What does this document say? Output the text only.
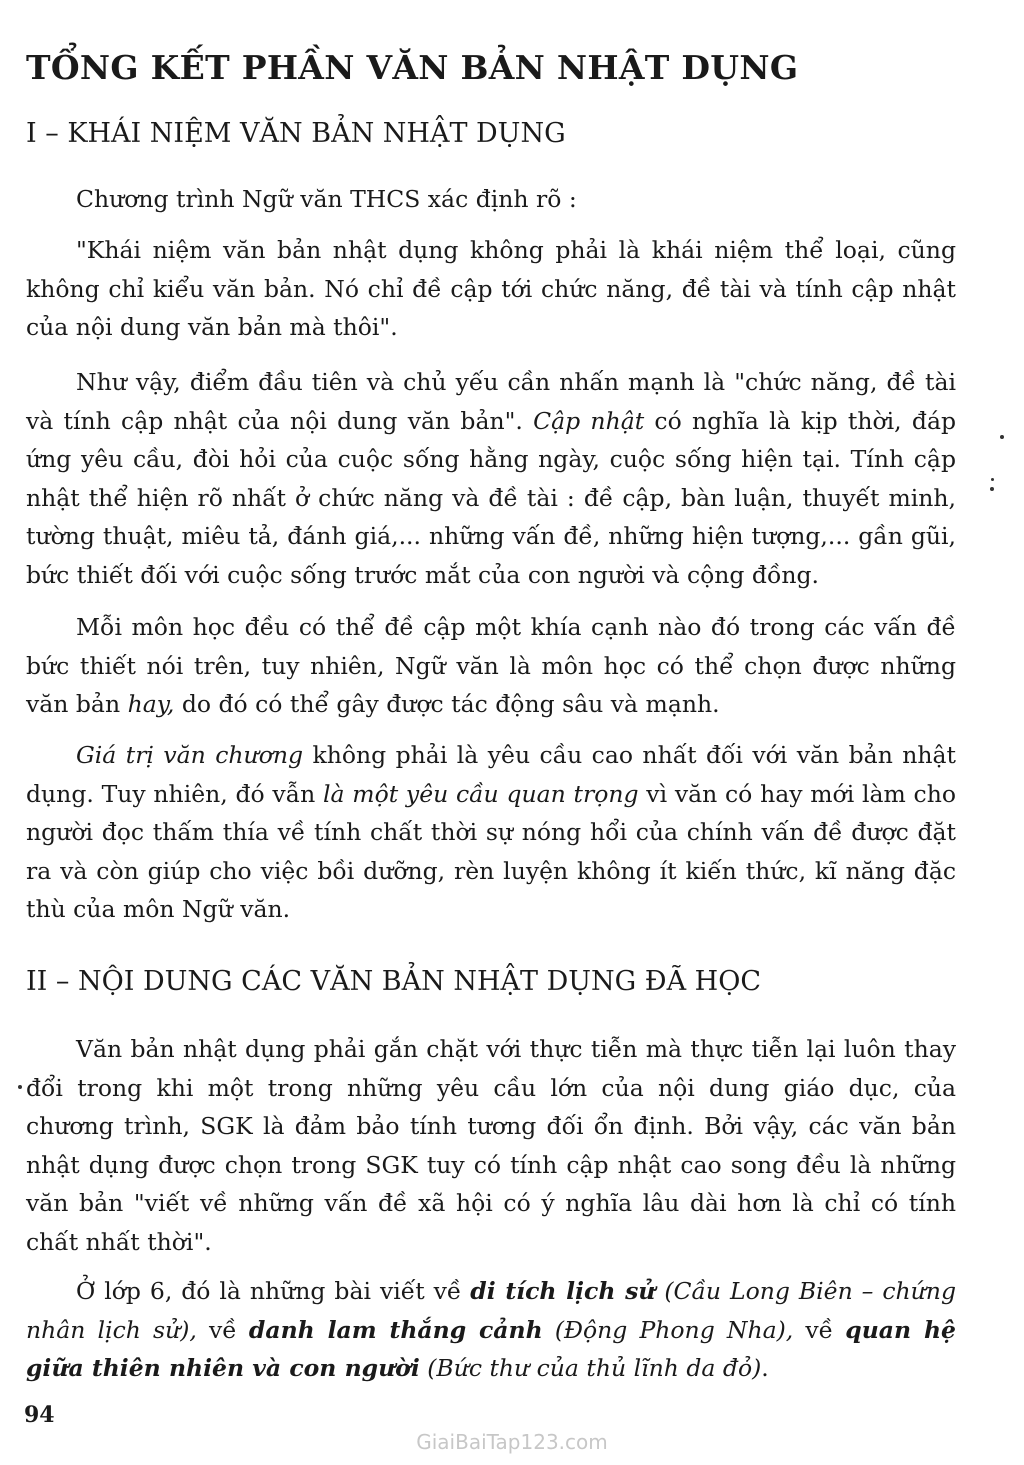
TỔNG KẾT PHẦN VĂN BẢN NHẬT DỤNG
I – KHÁI NIỆM VĂN BẢN NHẬT DỤNG

Chương trình Ngữ văn THCS xác định rõ :

"Khái niệm văn bản nhật dụng không phải là khái niệm thể loại, cũng không chỉ kiểu văn bản. Nó chỉ đề cập tới chức năng, đề tài và tính cập nhật của nội dung văn bản mà thôi".

Như vậy, điểm đầu tiên và chủ yếu cần nhấn mạnh là "chức năng, đề tài và tính cập nhật của nội dung văn bản". Cập nhật có nghĩa là kịp thời, đáp ứng yêu cầu, đòi hỏi của cuộc sống hằng ngày, cuộc sống hiện tại. Tính cập nhật thể hiện rõ nhất ở chức năng và đề tài : đề cập, bàn luận, thuyết minh, tường thuật, miêu tả, đánh giá,... những vấn đề, những hiện tượng,... gần gũi, bức thiết đối với cuộc sống trước mắt của con người và cộng đồng.

Mỗi môn học đều có thể đề cập một khía cạnh nào đó trong các vấn đề bức thiết nói trên, tuy nhiên, Ngữ văn là môn học có thể chọn được những văn bản hay, do đó có thể gây được tác động sâu và mạnh.

Giá trị văn chương không phải là yêu cầu cao nhất đối với văn bản nhật dụng. Tuy nhiên, đó vẫn là một yêu cầu quan trọng vì văn có hay mới làm cho người đọc thấm thía về tính chất thời sự nóng hổi của chính vấn đề được đặt ra và còn giúp cho việc bồi dưỡng, rèn luyện không ít kiến thức, kĩ năng đặc thù của môn Ngữ văn.

II – NỘI DUNG CÁC VĂN BẢN NHẬT DỤNG ĐÃ HỌC

Văn bản nhật dụng phải gắn chặt với thực tiễn mà thực tiễn lại luôn thay đổi trong khi một trong những yêu cầu lớn của nội dung giáo dục, của chương trình, SGK là đảm bảo tính tương đối ổn định. Bởi vậy, các văn bản nhật dụng được chọn trong SGK tuy có tính cập nhật cao song đều là những văn bản "viết về những vấn đề xã hội có ý nghĩa lâu dài hơn là chỉ có tính chất nhất thời".

Ở lớp 6, đó là những bài viết về di tích lịch sử (Cầu Long Biên – chứng nhân lịch sử), về danh lam thắng cảnh (Động Phong Nha), về quan hệ giữa thiên nhiên và con người (Bức thư của thủ lĩnh da đỏ).

94

GiaiBaiTap123.com
